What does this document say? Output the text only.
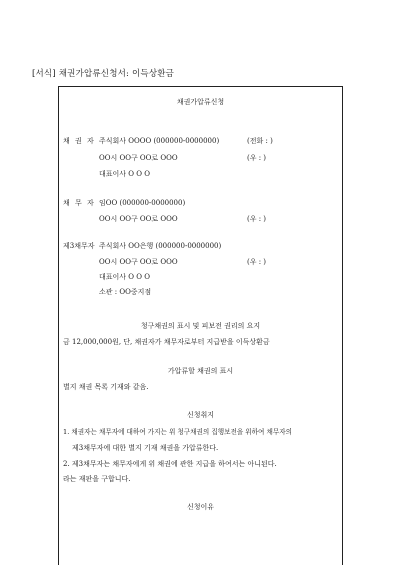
[서식] 채권가압류신청서: 이득상환금
채권가압류신청
채 권 자 주식회사 OOOO (000000-0000000)	(전화 : )
OO시 OO구 OO로 OOO	(우 : )
대표이사 O O O
채 무 자 임OO (000000-0000000)
OO시 OO구 OO로 OOO	(우 : )
제3채무자 주식회사 OO은행 (000000-0000000)
OO시 OO구 OO로 OOO	(우 : )
대표이사 O O O
소관 : OO중지점
청구채권의 표시 및 피보전 권리의 요지
금 12,000,000원, 단, 채권자가 채무자로부터 지급받을 이득상환금
가압류할 채권의 표시
별지 채권 목록 기재와 같음.
신청취지
1. 채권자는 채무자에 대하여 가지는 위 청구채권의 집행보전을 위하여 채무자의
제3채무자에 대한 별지 기재 채권을 가압류한다.
2. 제3채무자는 채무자에게 위 채권에 관한 지급을 하여서는 아니된다.
라는 재판을 구합니다.
신청이유
